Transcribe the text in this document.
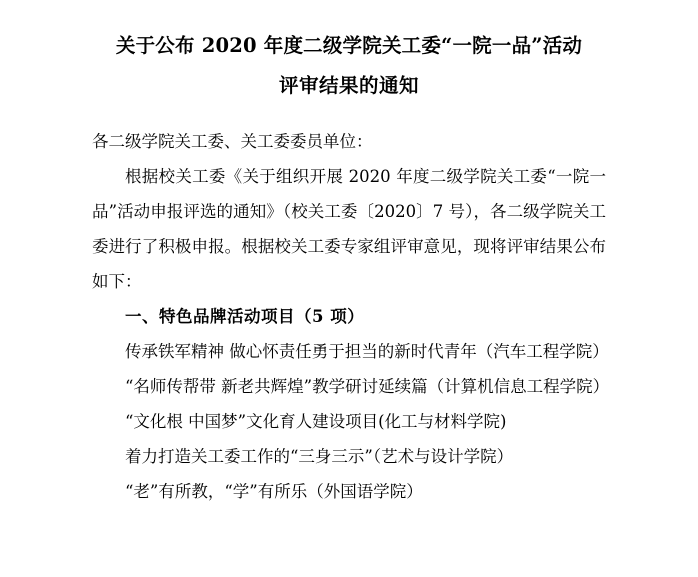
关于公布 2020 年度二级学院关工委“一院一品”活动
评审结果的通知

各二级学院关工委、关工委委员单位：

根据校关工委《关于组织开展 2020 年度二级学院关工委“一院一品”活动申报评选的通知》（校关工委〔2020〕7 号），各二级学院关工委进行了积极申报。根据校关工委专家组评审意见，现将评审结果公布如下：

一、特色品牌活动项目（5 项）

传承铁军精神 做心怀责任勇于担当的新时代青年（汽车工程学院）

“名师传帮带 新老共辉煌”教学研讨延续篇（计算机信息工程学院）

“文化根 中国梦”文化育人建设项目(化工与材料学院)

着力打造关工委工作的“三身三示”（艺术与设计学院）

“老”有所教，“学”有所乐（外国语学院）
